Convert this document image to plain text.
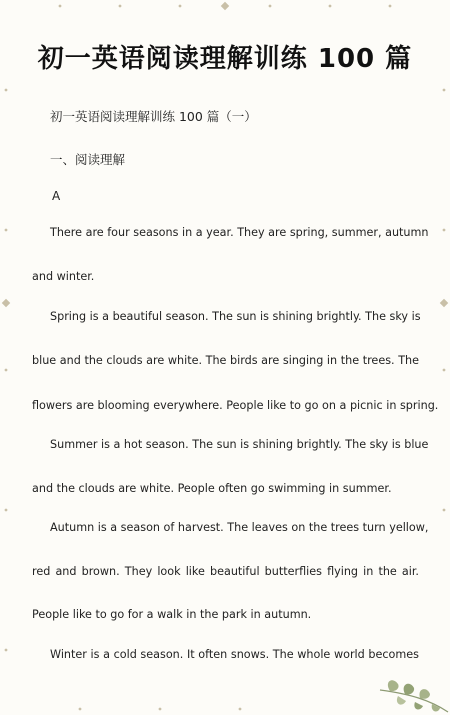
初一英语阅读理解训练 100 篇
初一英语阅读理解训练 100 篇（一）
一、阅读理解
A
There are four seasons in a year. They are spring, summer, autumn
and winter.
Spring is a beautiful season. The sun is shining brightly. The sky is
blue and the clouds are white. The birds are singing in the trees. The
flowers are blooming everywhere. People like to go on a picnic in spring.
Summer is a hot season. The sun is shining brightly. The sky is blue
and the clouds are white. People often go swimming in summer.
Autumn is a season of harvest. The leaves on the trees turn yellow,
red and brown. They look like beautiful butterflies flying in the air.
People like to go for a walk in the park in autumn.
Winter is a cold season. It often snows. The whole world becomes
